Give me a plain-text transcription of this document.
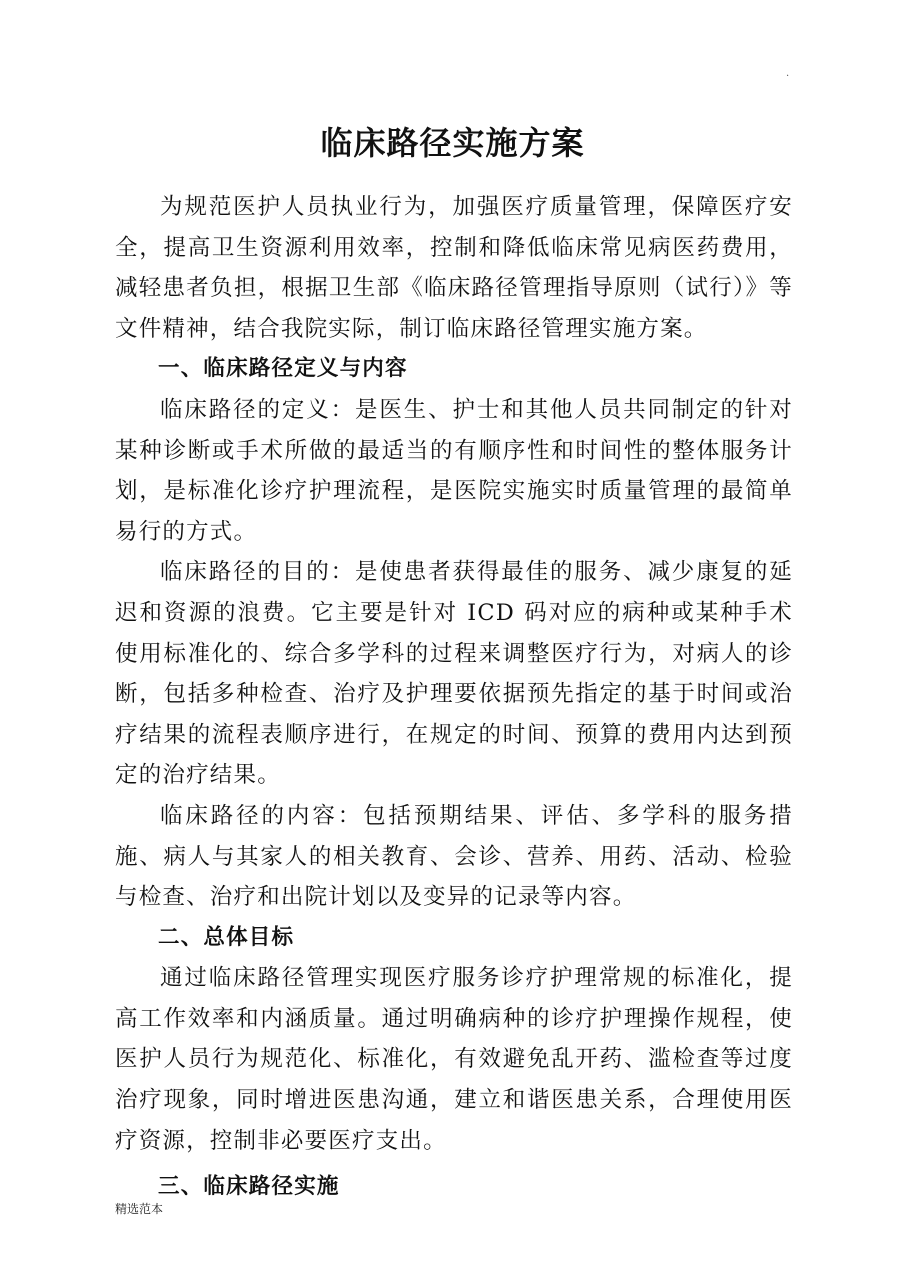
.
临床路径实施方案

为规范医护人员执业行为，加强医疗质量管理，保障医疗安全，提高卫生资源利用效率，控制和降低临床常见病医药费用，减轻患者负担，根据卫生部《临床路径管理指导原则（试行）》等文件精神，结合我院实际，制订临床路径管理实施方案。

一、临床路径定义与内容

临床路径的定义：是医生、护士和其他人员共同制定的针对某种诊断或手术所做的最适当的有顺序性和时间性的整体服务计划，是标准化诊疗护理流程，是医院实施实时质量管理的最简单易行的方式。

临床路径的目的：是使患者获得最佳的服务、减少康复的延迟和资源的浪费。它主要是针对 ICD 码对应的病种或某种手术使用标准化的、综合多学科的过程来调整医疗行为，对病人的诊断，包括多种检查、治疗及护理要依据预先指定的基于时间或治疗结果的流程表顺序进行，在规定的时间、预算的费用内达到预定的治疗结果。

临床路径的内容：包括预期结果、评估、多学科的服务措施、病人与其家人的相关教育、会诊、营养、用药、活动、检验与检查、治疗和出院计划以及变异的记录等内容。

二、总体目标

通过临床路径管理实现医疗服务诊疗护理常规的标准化，提高工作效率和内涵质量。通过明确病种的诊疗护理操作规程，使医护人员行为规范化、标准化，有效避免乱开药、滥检查等过度治疗现象，同时增进医患沟通，建立和谐医患关系，合理使用医疗资源，控制非必要医疗支出。

三、临床路径实施

精选范本
